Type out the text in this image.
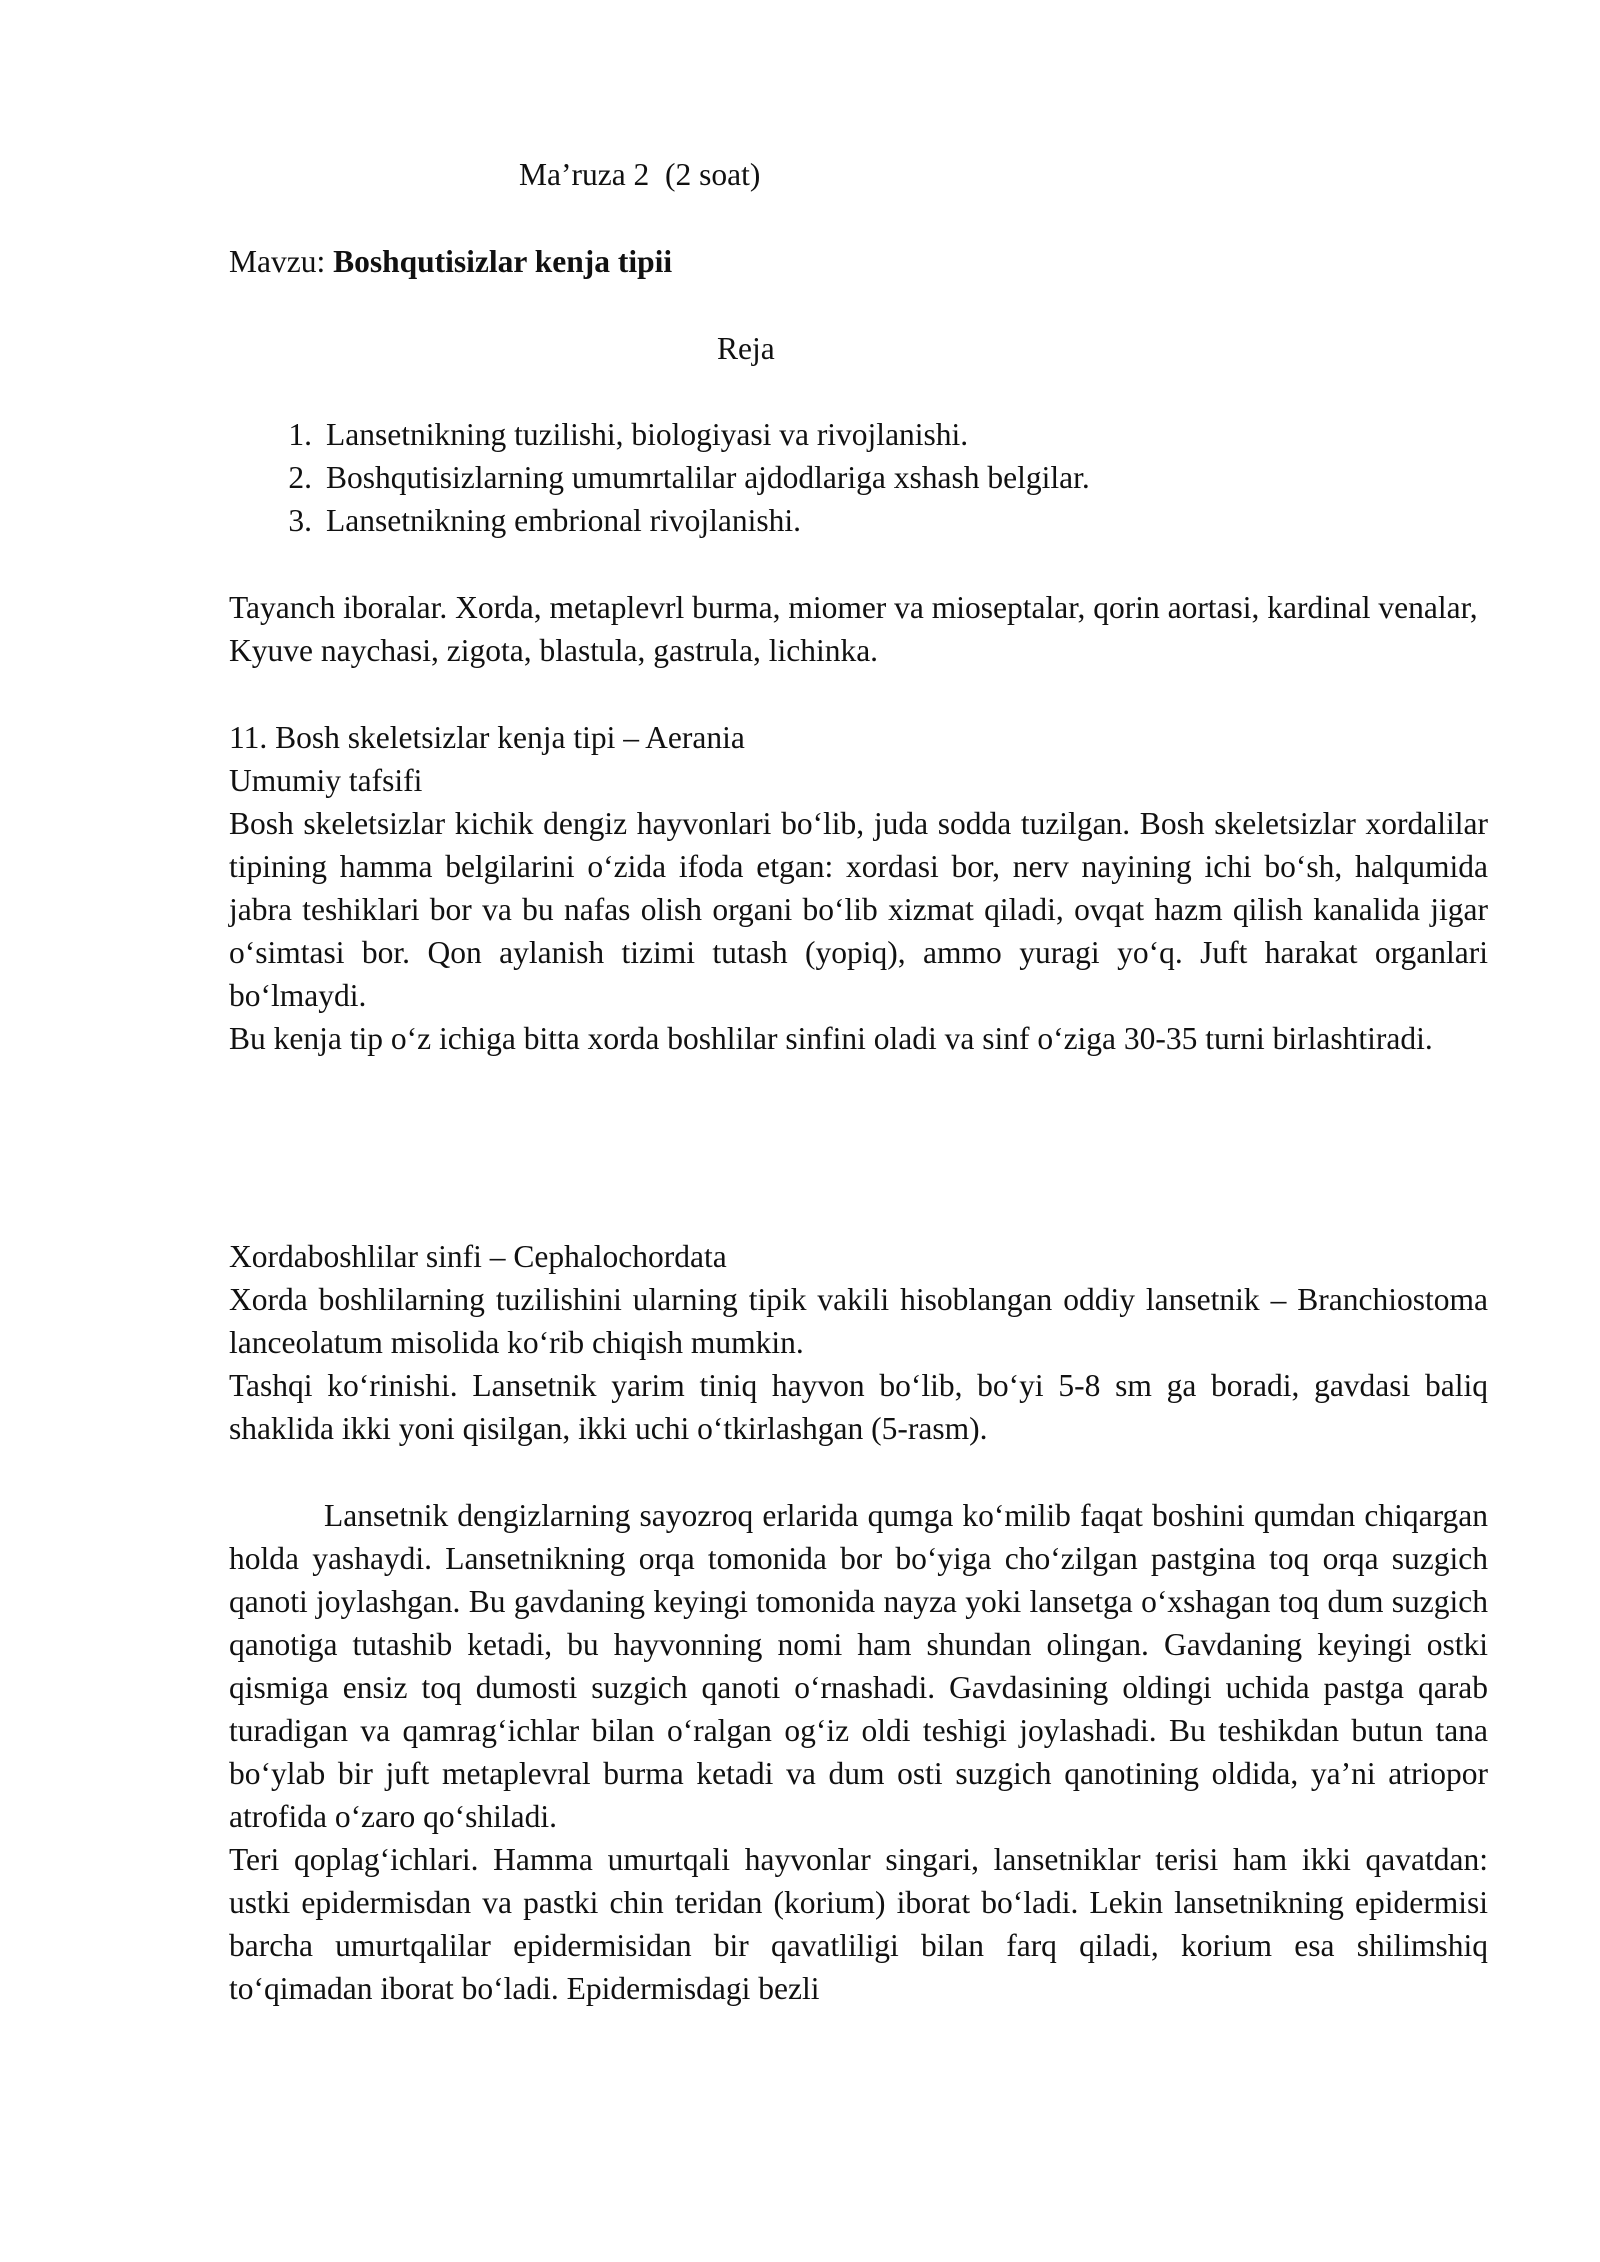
Ma’ruza 2  (2 soat)
Mavzu: Boshqutisizlar kenja tipii
Reja
1. Lansetnikning tuzilishi, biologiyasi va rivojlanishi.
2. Boshqutisizlarning umumrtalilar ajdodlariga xshash belgilar.
3. Lansetnikning embrional rivojlanishi.

Tayanch iboralar. Xorda, metaplevrl burma, miomer va mioseptalar, qorin aortasi, kardinal venalar, Kyuve naychasi, zigota, blastula, gastrula, lichinka.

11. Bosh skeletsizlar kenja tipi – Aerania

Umumiy tafsifi

Bosh skeletsizlar kichik dengiz hayvonlari bo‘lib, juda sodda tuzilgan. Bosh skeletsizlar xordalilar tipining hamma belgilarini o‘zida ifoda etgan: xordasi bor, nerv nayining ichi bo‘sh, halqumida jabra teshiklari bor va bu nafas olish organi bo‘lib xizmat qiladi, ovqat hazm qilish kanalida jigar o‘simtasi bor. Qon aylanish tizimi tutash (yopiq), ammo yuragi yo‘q. Juft harakat organlari bo‘lmaydi.

Bu kenja tip o‘z ichiga bitta xorda boshlilar sinfini oladi va sinf o‘ziga 30-35 turni birlashtiradi.

Xordaboshlilar sinfi – Cephalochordata

Xorda boshlilarning tuzilishini ularning tipik vakili hisoblangan oddiy lansetnik – Branchiostoma lanceolatum misolida ko‘rib chiqish mumkin.

Tashqi ko‘rinishi. Lansetnik yarim tiniq hayvon bo‘lib, bo‘yi 5-8 sm ga boradi, gavdasi baliq shaklida ikki yoni qisilgan, ikki uchi o‘tkirlashgan (5-rasm).

Lansetnik dengizlarning sayozroq erlarida qumga ko‘milib faqat boshini qumdan chiqargan holda yashaydi. Lansetnikning orqa tomonida bor bo‘yiga cho‘zilgan pastgina toq orqa suzgich qanoti joylashgan. Bu gavdaning keyingi tomonida nayza yoki lansetga o‘xshagan toq dum suzgich qanotiga tutashib ketadi, bu hayvonning nomi ham shundan olingan. Gavdaning keyingi ostki qismiga ensiz toq dumosti suzgich qanoti o‘rnashadi. Gavdasining oldingi uchida pastga qarab turadigan va qamrag‘ichlar bilan o‘ralgan og‘iz oldi teshigi joylashadi. Bu teshikdan butun tana bo‘ylab bir juft metaplevral burma ketadi va dum osti suzgich qanotining oldida, ya’ni atriopor atrofida o‘zaro qo‘shiladi.

Teri qoplag‘ichlari. Hamma umurtqali hayvonlar singari, lansetniklar terisi ham ikki qavatdan: ustki epidermisdan va pastki chin teridan (korium) iborat bo‘ladi. Lekin lansetnikning epidermisi barcha umurtqalilar epidermisidan bir qavatliligi bilan farq qiladi, korium esa shilimshiq to‘qimadan iborat bo‘ladi. Epidermisdagi bezli
